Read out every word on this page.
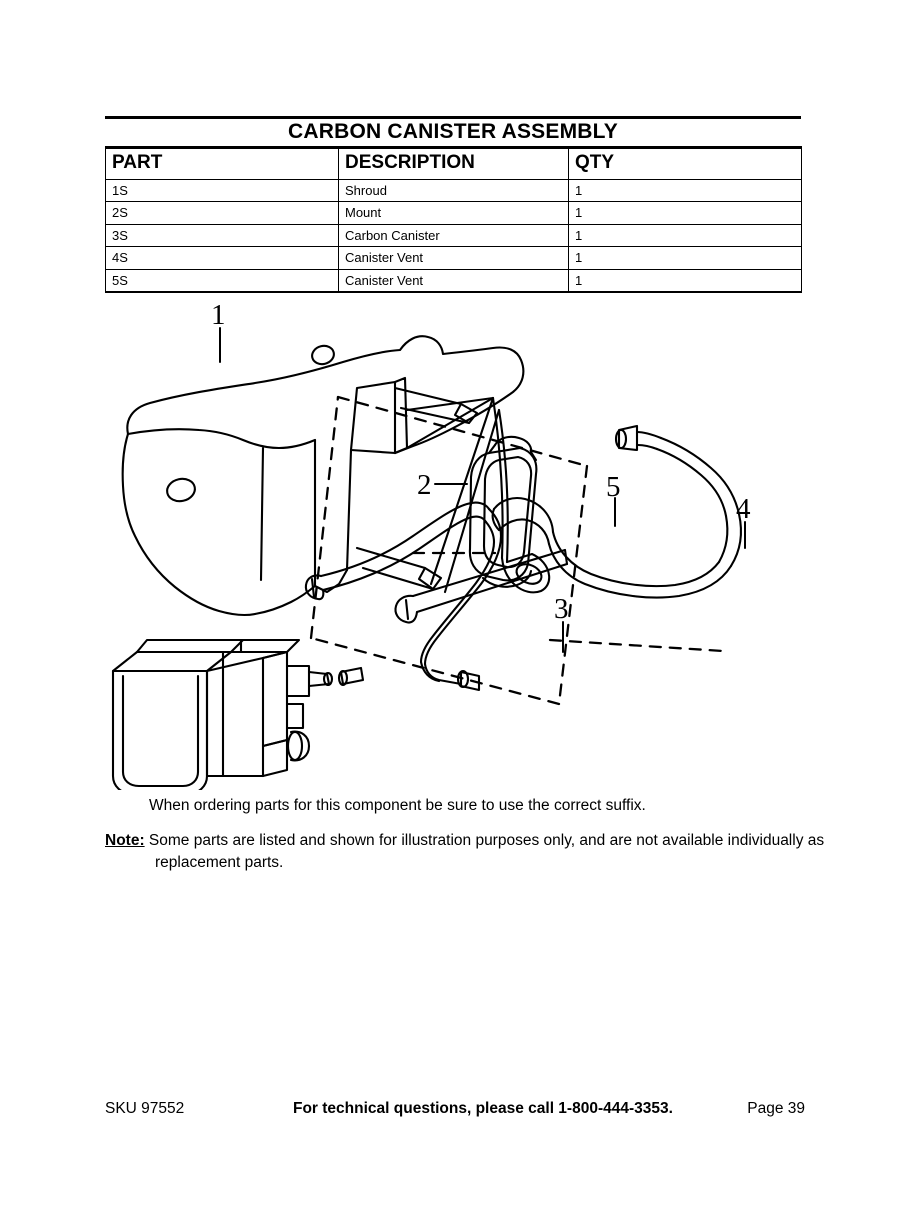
CARBON CANISTER ASSEMBLY
PART	DESCRIPTION	QTY
1S	Shroud	1
2S	Mount	1
3S	Carbon Canister	1
4S	Canister Vent	1
5S	Canister Vent	1
1
2
3
4
5
When ordering parts for this component be sure to use the correct suffix.
Note: Some parts are listed and shown for illustration purposes only, and are not available individually as replacement parts.
SKU 97552	For technical questions, please call 1-800-444-3353.	Page 39
